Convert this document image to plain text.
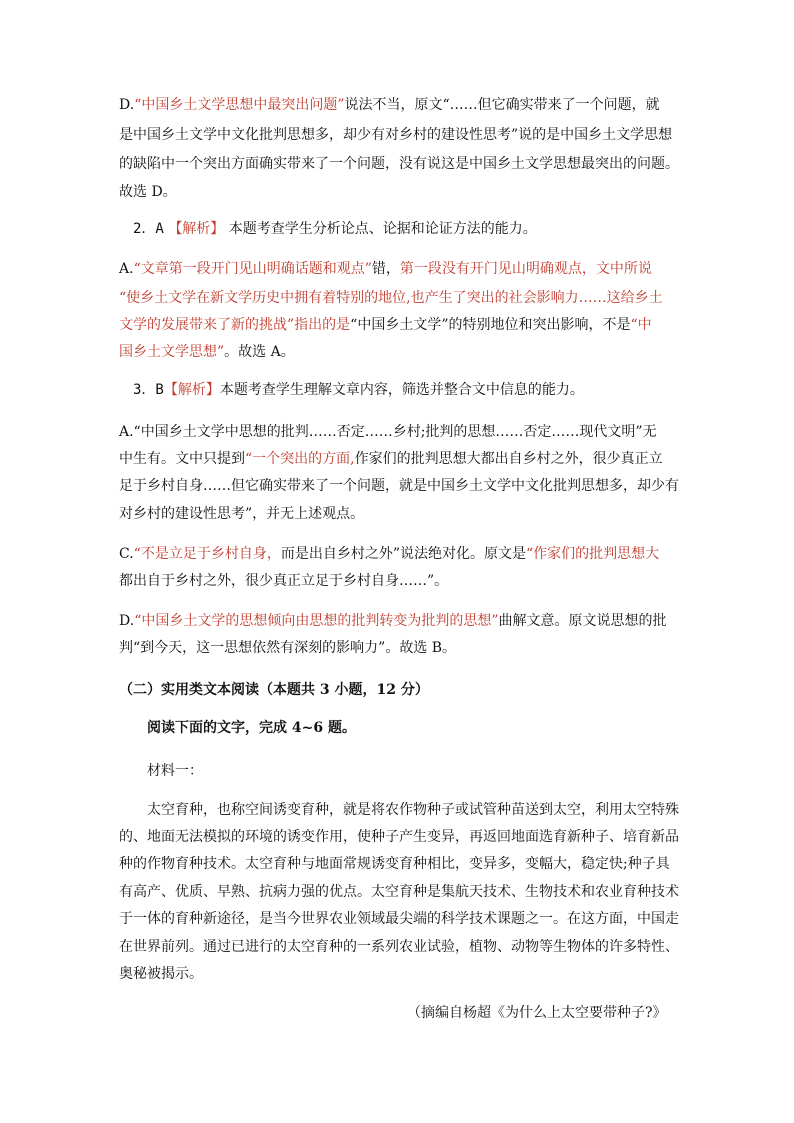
D.“中国乡土文学思想中最突出问题”说法不当，原文“……但它确实带来了一个问题，就
是中国乡土文学中文化批判思想多，却少有对乡村的建设性思考”说的是中国乡土文学思想
的缺陷中一个突出方面确实带来了一个问题，没有说这是中国乡土文学思想最突出的问题。
故选 D。
2．A 【解析】 本题考查学生分析论点、论据和论证方法的能力。
A.“文章第一段开门见山明确话题和观点”错，第一段没有开门见山明确观点，文中所说
“使乡土文学在新文学历史中拥有着特别的地位,也产生了突出的社会影响力……这给乡土
文学的发展带来了新的挑战”指出的是“中国乡土文学”的特别地位和突出影响，不是“中
国乡土文学思想”。故选 A。
3．B【解析】本题考查学生理解文章内容，筛选并整合文中信息的能力。
A.“中国乡土文学中思想的批判……否定……乡村;批判的思想……否定……现代文明”无
中生有。文中只提到“一个突出的方面,作家们的批判思想大都出自乡村之外，很少真正立
足于乡村自身……但它确实带来了一个问题，就是中国乡土文学中文化批判思想多，却少有
对乡村的建设性思考”，并无上述观点。
C.“不是立足于乡村自身，而是出自乡村之外”说法绝对化。原文是“作家们的批判思想大
都出自于乡村之外，很少真正立足于乡村自身……”。
D.“中国乡土文学的思想倾向由思想的批判转变为批判的思想”曲解文意。原文说思想的批
判“到今天，这一思想依然有深刻的影响力”。故选 B。
（二）实用类文本阅读（本题共 3 小题，12 分）
阅读下面的文字，完成 4~6 题。
材料一：
太空育种，也称空间诱变育种，就是将农作物种子或试管种苗送到太空，利用太空特殊
的、地面无法模拟的环境的诱变作用，使种子产生变异，再返回地面选育新种子、培育新品
种的作物育种技术。太空育种与地面常规诱变育种相比，变异多，变幅大，稳定快;种子具
有高产、优质、早熟、抗病力强的优点。太空育种是集航天技术、生物技术和农业育种技术
于一体的育种新途径，是当今世界农业领域最尖端的科学技术课题之一。在这方面，中国走
在世界前列。通过已进行的太空育种的一系列农业试验，植物、动物等生物体的许多特性、
奥秘被揭示。
（摘编自杨超《为什么上太空要带种子?》
